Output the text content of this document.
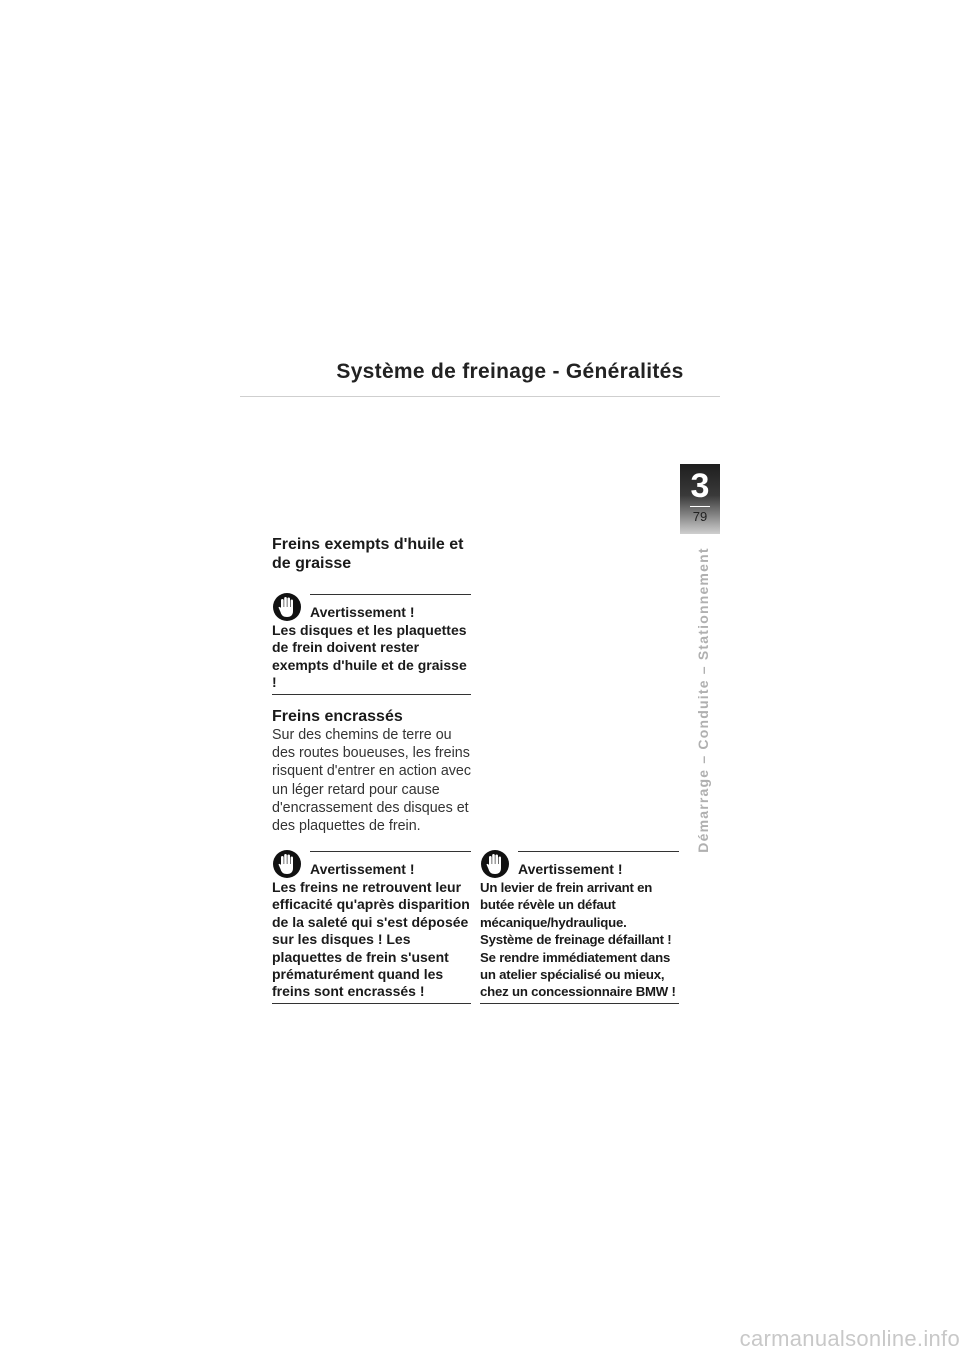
Système de freinage - Généralités
3
79
Démarrage – Conduite – Stationnement
Freins exempts d'huile et de graisse
Avertissement !
Les disques et les plaquettes de frein doivent rester exempts d'huile et de graisse !
Freins encrassés
Sur des chemins de terre ou des routes boueuses, les freins risquent d'entrer en action avec un léger retard pour cause d'encrassement des disques et des plaquettes de frein.
Avertissement !
Les freins ne retrouvent leur efficacité qu'après disparition de la saleté qui s'est déposée sur les disques ! Les plaquettes de frein s'usent prématurément quand les freins sont encrassés !
Avertissement !
Un levier de frein arrivant en butée révèle un défaut mécanique/hydraulique. Système de freinage défaillant ! Se rendre immédiatement dans un atelier spécialisé ou mieux, chez un concessionnaire BMW !
carmanualsonline.info
